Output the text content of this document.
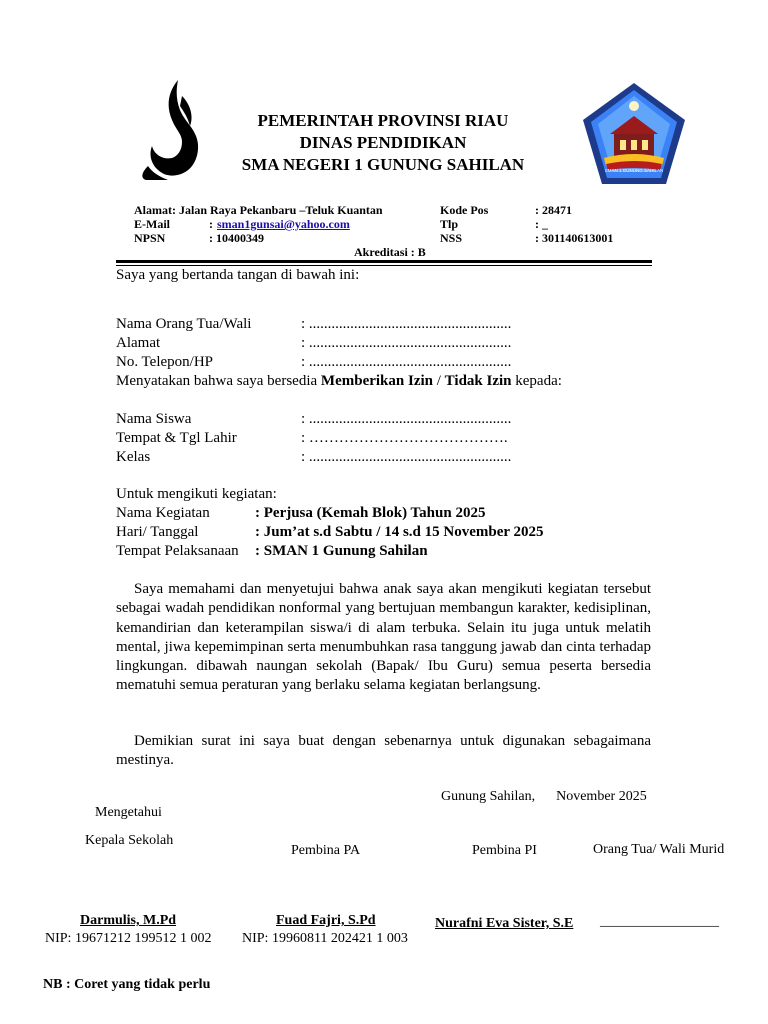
PEMERINTAH PROVINSI RIAU
DINAS PENDIDIKAN
SMA NEGERI 1 GUNUNG SAHILAN	SMAN 1 GUNUNG SAHILAN
Alamat: Jalan Raya Pekanbaru –Teluk Kuantan
E-Mail	: sman1gunsai@yahoo.com
NPSN	: 10400349
Kode Pos	: 28471
Tlp	: _
NSS	: 301140613001
Akreditasi : B
Saya yang bertanda tangan di bawah ini:
Nama Orang Tua/Wali	: ......................................................
Alamat	: ......................................................
No. Telepon/HP	: ......................................................
Menyatakan bahwa saya bersedia Memberikan Izin / Tidak Izin kepada:
Nama Siswa	: ......................................................
Tempat & Tgl Lahir	: ………………………………….
Kelas	: ......................................................
Untuk mengikuti kegiatan:
Nama Kegiatan	: Perjusa (Kemah Blok) Tahun 2025
Hari/ Tanggal	: Jum’at s.d Sabtu / 14 s.d 15 November 2025
Tempat Pelaksanaan : SMAN 1 Gunung Sahilan
Saya memahami dan menyetujui bahwa anak saya akan mengikuti kegiatan tersebut sebagai wadah pendidikan nonformal yang bertujuan membangun karakter, kedisiplinan, kemandirian dan keterampilan siswa/i di alam terbuka. Selain itu juga untuk melatih mental, jiwa kepemimpinan serta menumbuhkan rasa tanggung jawab dan cinta terhadap lingkungan. dibawah naungan sekolah (Bapak/ Ibu Guru) semua peserta bersedia mematuhi semua peraturan yang berlaku selama kegiatan berlangsung.
Demikian surat ini saya buat dengan sebenarnya untuk digunakan sebagaimana mestinya.
Gunung Sahilan,      November 2025
Mengetahui
Kepala Sekolah
Pembina PA	Pembina PI	Orang Tua/ Wali Murid
Darmulis, M.Pd
NIP: 19671212 199512 1 002
Fuad Fajri, S.Pd
NIP: 19960811 202421 1 003
Nurafni Eva Sister, S.E _________________
NB : Coret yang tidak perlu
